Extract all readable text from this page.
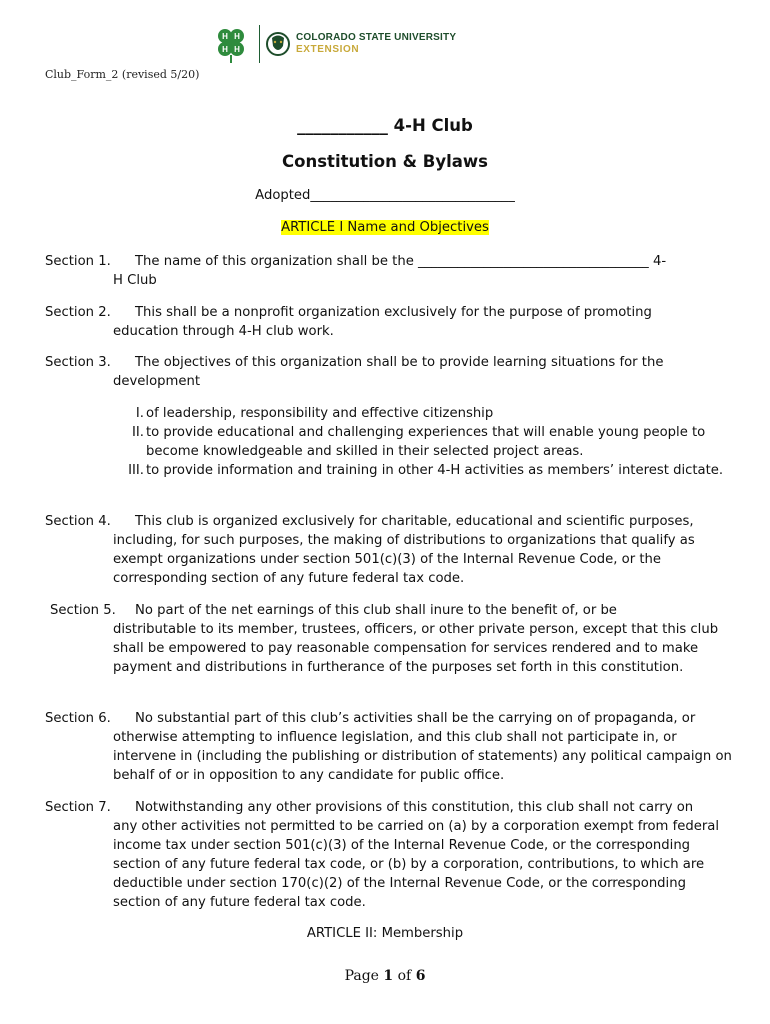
H H
H H
COLORADO STATE UNIVERSITY
EXTENSION
Club_Form_2 (revised 5/20)
___________ 4-H Club
Constitution & Bylaws
Adopted_______________________________
ARTICLE I Name and Objectives
Section 1. The name of this organization shall be the ___________________________________ 4-
H Club
Section 2. This shall be a nonprofit organization exclusively for the purpose of promoting
education through 4-H club work.
Section 3. The objectives of this organization shall be to provide learning situations for the
development
I. of leadership, responsibility and effective citizenship
II. to provide educational and challenging experiences that will enable young people to become knowledgeable and skilled in their selected project areas.
III. to provide information and training in other 4-H activities as members’ interest dictate.
Section 4. This club is organized exclusively for charitable, educational and scientific purposes,
including, for such purposes, the making of distributions to organizations that qualify as exempt organizations under section 501(c)(3) of the Internal Revenue Code, or the corresponding section of any future federal tax code.
Section 5. No part of the net earnings of this club shall inure to the benefit of, or be
distributable to its member, trustees, officers, or other private person, except that this club shall be empowered to pay reasonable compensation for services rendered and to make payment and distributions in furtherance of the purposes set forth in this constitution.
Section 6. No substantial part of this club’s activities shall be the carrying on of propaganda, or
otherwise attempting to influence legislation, and this club shall not participate in, or intervene in (including the publishing or distribution of statements) any political campaign on behalf of or in opposition to any candidate for public office.
Section 7. Notwithstanding any other provisions of this constitution, this club shall not carry on
any other activities not permitted to be carried on (a) by a corporation exempt from federal income tax under section 501(c)(3) of the Internal Revenue Code, or the corresponding section of any future federal tax code, or (b) by a corporation, contributions, to which are deductible under section 170(c)(2) of the Internal Revenue Code, or the corresponding section of any future federal tax code.
ARTICLE II: Membership
Page 1 of 6
